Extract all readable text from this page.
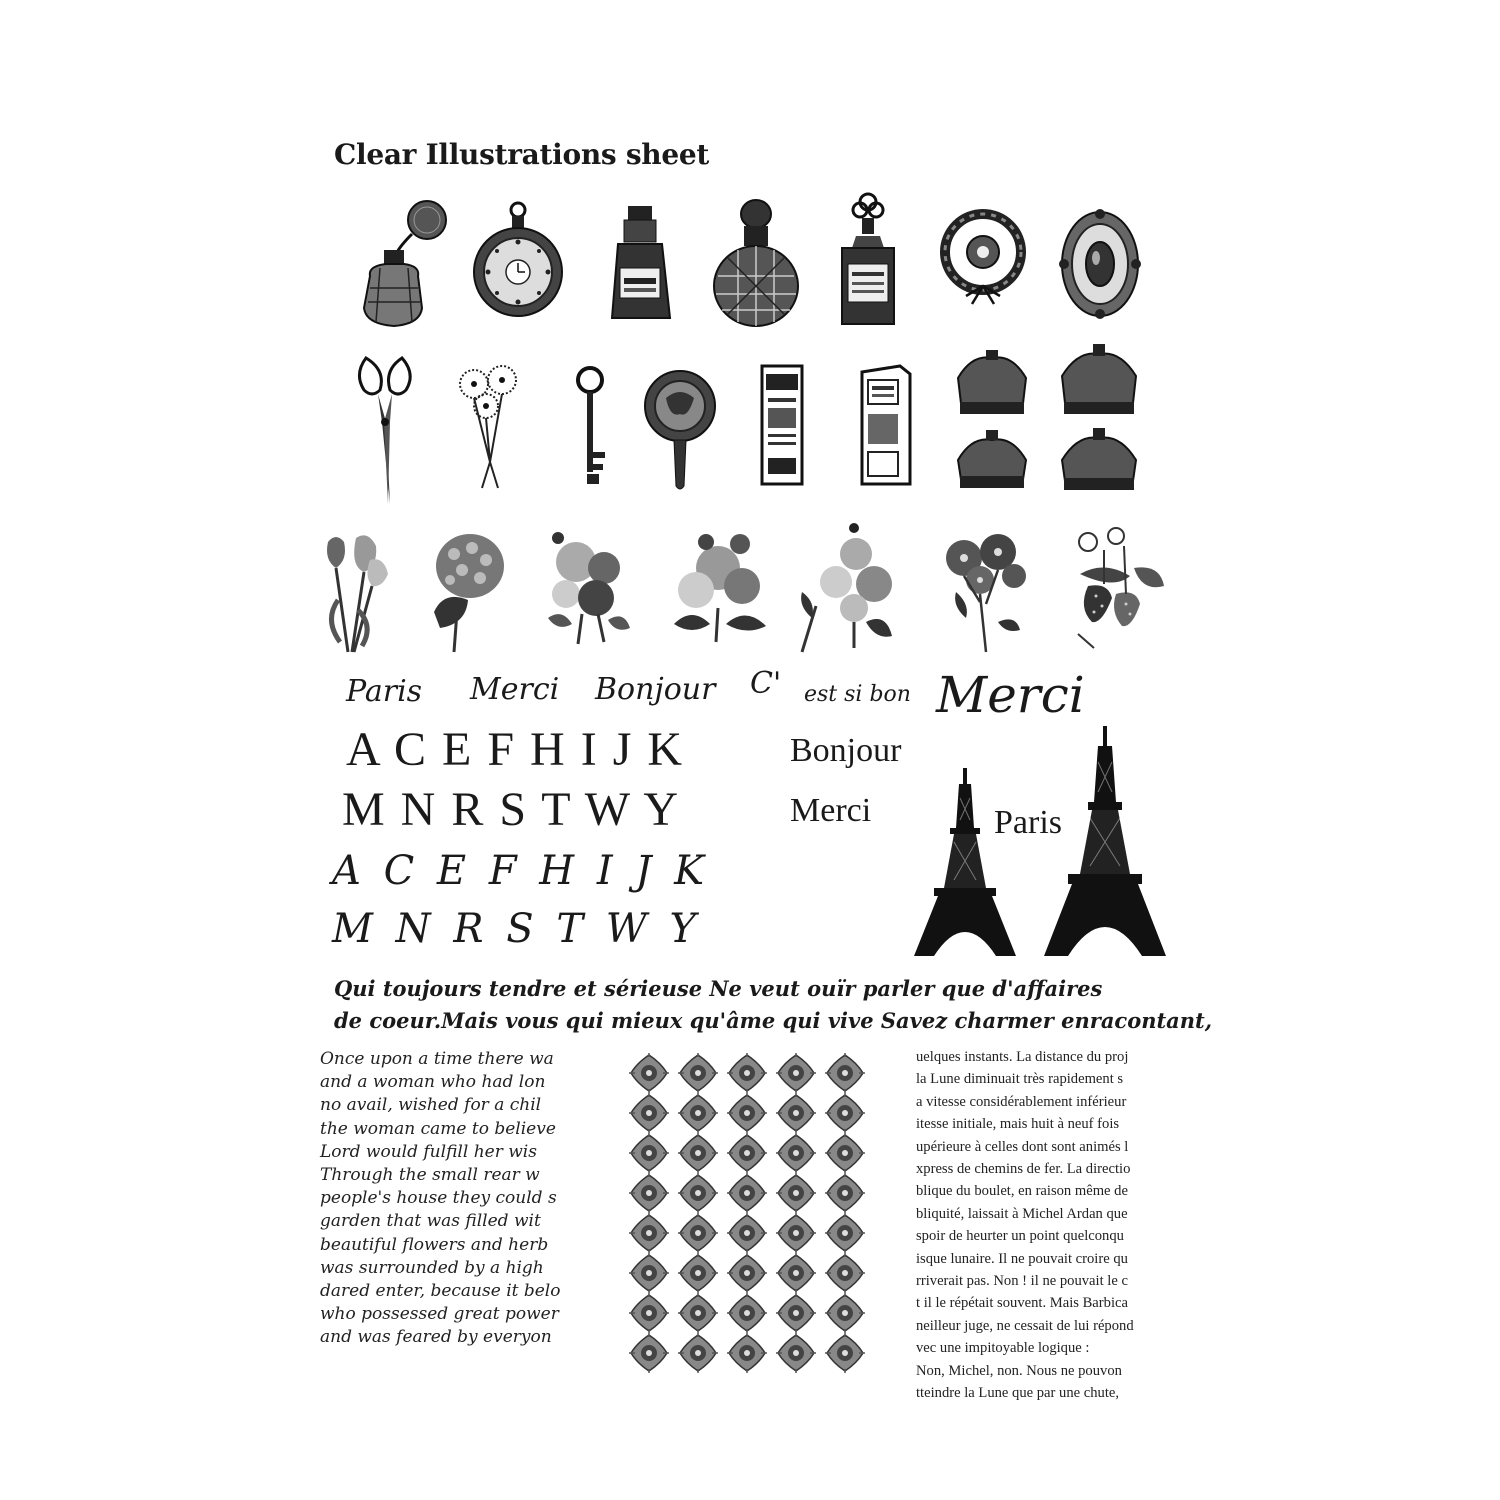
Clear Illustrations sheet
Paris Merci Bonjour C' est si bon Merci
A C E F H I J K
M N R S T W Y
Bonjour
Merci	Paris
A C E F H I J K
M N R S T W Y
Qui toujours tendre et sérieuse Ne veut ouïr parler que d'affaires
de coeur.Mais vous qui mieux qu'âme qui vive Savez charmer enracontant,
Once upon a time there wa
and a woman who had lon
no avail, wished for a chil
the woman came to believe
Lord would fulfill her wis
Through the small rear w
people's house they could s
garden that was filled wit
beautiful flowers and herb
was surrounded by a high
dared enter, because it belo
who possessed great power
and was feared by everyon
uelques instants. La distance du proj
la Lune diminuait très rapidement s
a vitesse considérablement inférieur
itesse initiale, mais huit à neuf fois
upérieure à celles dont sont animés l
xpress de chemins de fer. La directio
blique du boulet, en raison même de
bliquité, laissait à Michel Ardan que
spoir de heurter un point quelconqu
isque lunaire. Il ne pouvait croire qu
rriverait pas. Non ! il ne pouvait le c
t il le répétait souvent. Mais Barbica
neilleur juge, ne cessait de lui répond
vec une impitoyable logique :
Non, Michel, non. Nous ne pouvon
tteindre la Lune que par une chute,
